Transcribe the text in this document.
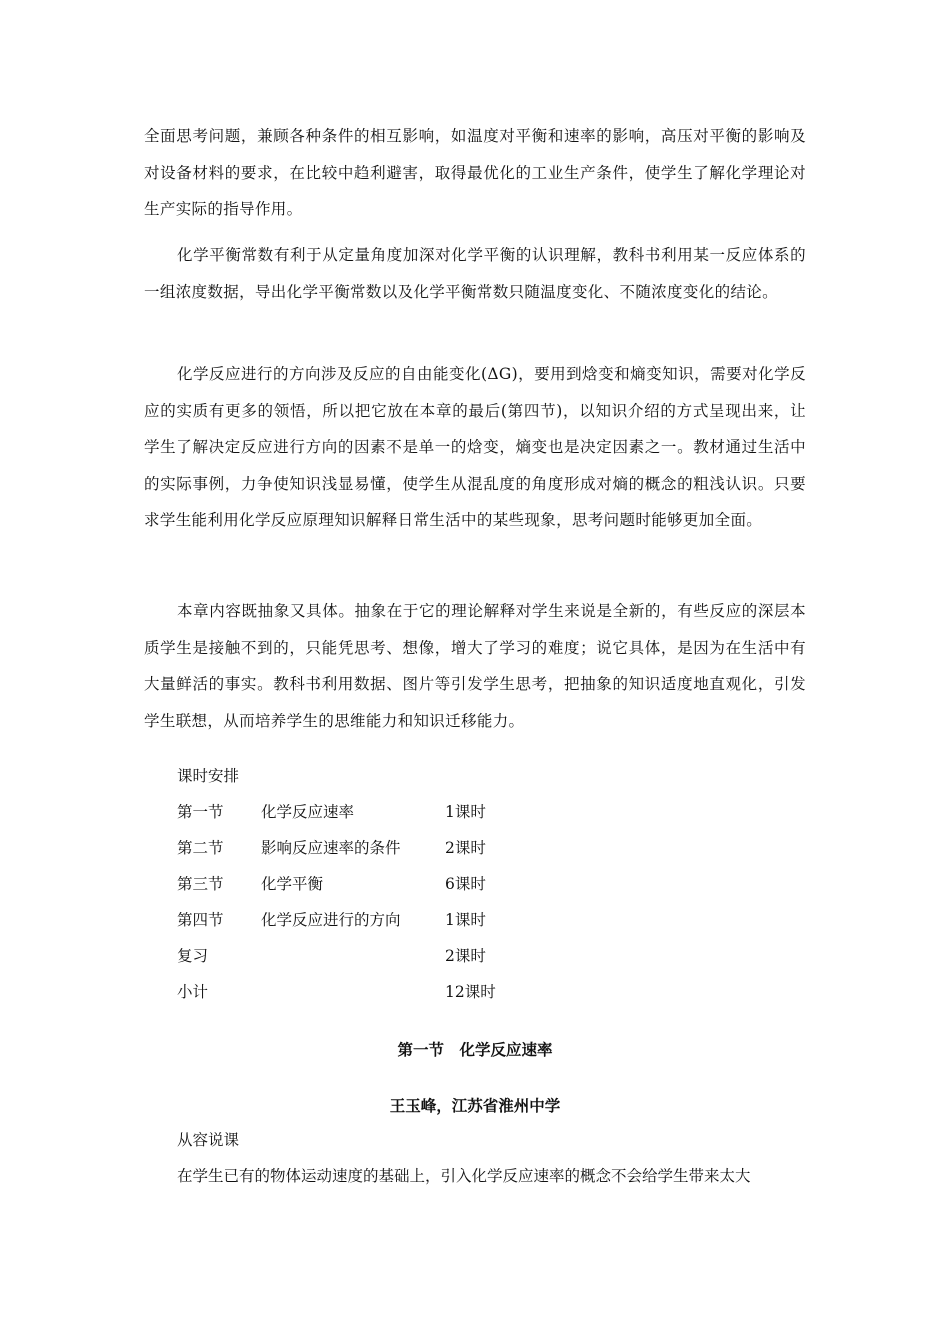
全面思考问题，兼顾各种条件的相互影响，如温度对平衡和速率的影响，高压对平衡的影响及对设备材料的要求，在比较中趋利避害，取得最优化的工业生产条件，使学生了解化学理论对生产实际的指导作用。
化学平衡常数有利于从定量角度加深对化学平衡的认识理解，教科书利用某一反应体系的一组浓度数据，导出化学平衡常数以及化学平衡常数只随温度变化、不随浓度变化的结论。
化学反应进行的方向涉及反应的自由能变化(ΔG)，要用到焓变和熵变知识，需要对化学反应的实质有更多的领悟，所以把它放在本章的最后(第四节)，以知识介绍的方式呈现出来，让学生了解决定反应进行方向的因素不是单一的焓变，熵变也是决定因素之一。教材通过生活中的实际事例，力争使知识浅显易懂，使学生从混乱度的角度形成对熵的概念的粗浅认识。只要求学生能利用化学反应原理知识解释日常生活中的某些现象，思考问题时能够更加全面。
本章内容既抽象又具体。抽象在于它的理论解释对学生来说是全新的，有些反应的深层本质学生是接触不到的，只能凭思考、想像，增大了学习的难度；说它具体，是因为在生活中有大量鲜活的事实。教科书利用数据、图片等引发学生思考，把抽象的知识适度地直观化，引发学生联想，从而培养学生的思维能力和知识迁移能力。
课时安排
第一节 化学反应速率	1课时
第二节 影响反应速率的条件	2课时
第三节 化学平衡	6课时
第四节 化学反应进行的方向	1课时
复习	2课时
小计	12课时
第一节　化学反应速率
王玉峰，江苏省淮州中学
从容说课
在学生已有的物体运动速度的基础上，引入化学反应速率的概念不会给学生带来太大
